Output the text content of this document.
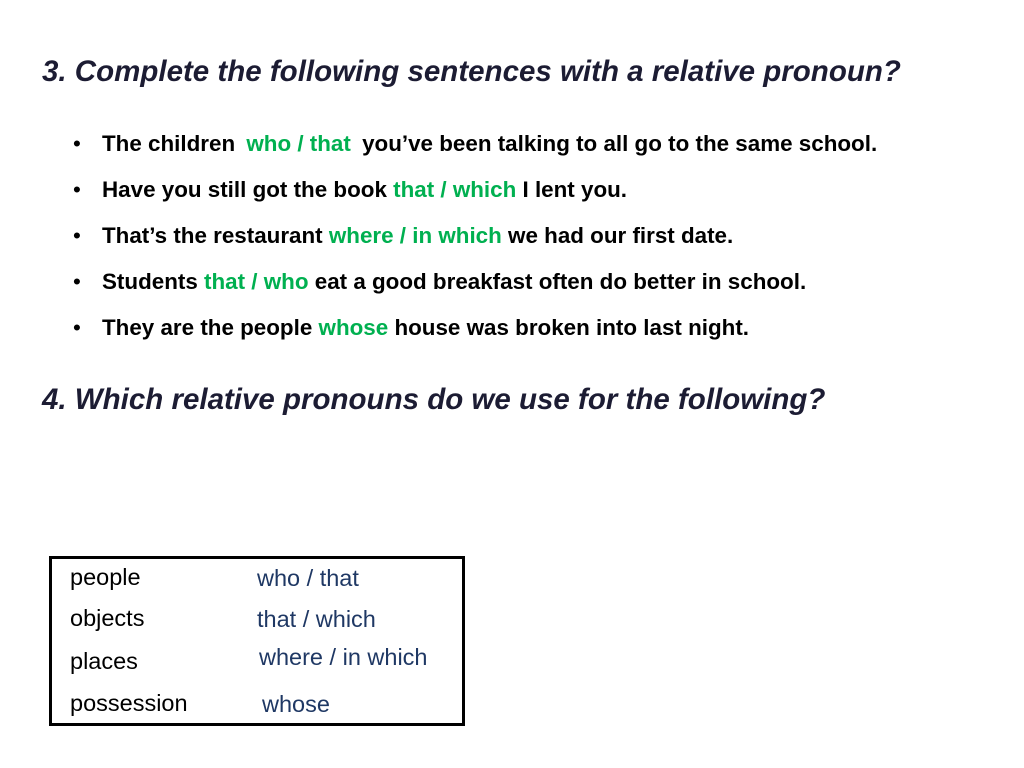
3. Complete the following sentences with a relative pronoun?
•
The children who / that you’ve been talking to all go to the same school.
•
Have you still got the book that / which I lent you.
•
That’s the restaurant where / in which we had our first date.
•
Students that / who eat a good breakfast often do better in school.
•
They are the people whose house was broken into last night.
4. Which relative pronouns do we use for the following?
people	who / that
objects	that / which
places	where / in which
possession	whose
